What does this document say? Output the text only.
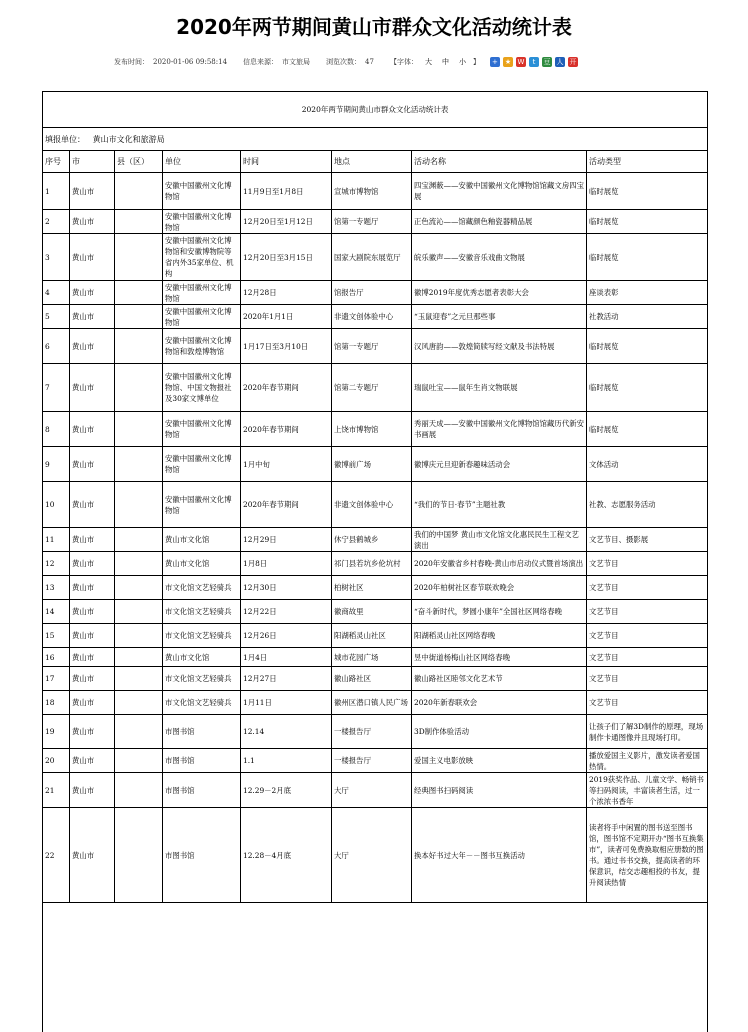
2020年两节期间黄山市群众文化活动统计表
发布时间： 2020-01-06 09:58:14 信息来源： 市文旅局 浏览次数： 47 【字体： 大 中 小 】 + ★ W	t	豆 人 开
2020年两节期间黄山市群众文化活动统计表							
填报单位： 黄山市文化和旅游局							
序号	市	县（区）	单位	时间	地点	活动名称	活动类型
1	黄山市		安徽中国徽州文化博物馆	11月9日至1月8日	宣城市博物馆	四宝渊薮——安徽中国徽州文化博物馆馆藏文房四宝展	临时展览
2	黄山市		安徽中国徽州文化博物馆	12月20日至1月12日	馆第一专题厅	正色流沁——馆藏颜色釉瓷器精品展	临时展览
3	黄山市		安徽中国徽州文化博物馆和安徽博物院等省内外35家单位、机构	12月20日至3月15日	国家大剧院东展览厅	皖乐徽声——安徽音乐戏曲文物展	临时展览
4	黄山市		安徽中国徽州文化博物馆	12月28日	馆报告厅	徽博2019年度优秀志愿者表彰大会	座谈表彰
5	黄山市		安徽中国徽州文化博物馆	2020年1月1日	非遗文创体验中心	“玉鼠迎春”之元旦那些事	社教活动
6	黄山市		安徽中国徽州文化博物馆和敦煌博物馆	1月17日至3月10日	馆第一专题厅	汉风唐韵——敦煌简牍写经文献及书法特展	临时展览
7	黄山市		安徽中国徽州文化博物馆、中国文物报社及30家文博单位	2020年春节期间	馆第二专题厅	瑞鼠吐宝——鼠年生肖文物联展	临时展览
8	黄山市		安徽中国徽州文化博物馆	2020年春节期间	上饶市博物馆	秀丽天成——安徽中国徽州文化博物馆馆藏历代新安书画展	临时展览
9	黄山市		安徽中国徽州文化博物馆	1月中旬	徽博前广场	徽博庆元旦迎新春趣味活动会	文体活动
10	黄山市		安徽中国徽州文化博物馆	2020年春节期间	非遗文创体验中心	“我们的节日·春节”主题社教	社教、志愿服务活动
11	黄山市		黄山市文化馆	12月29日	休宁县鹤城乡	我们的中国梦 黄山市文化馆文化惠民民生工程文艺演出	文艺节目、摄影展
12	黄山市		黄山市文化馆	1月8日	祁门县若坑乡伦坑村	2020年安徽省乡村春晚-黄山市启动仪式暨首场演出	文艺节目
13	黄山市		市文化馆文艺轻骑兵	12月30日	柏树社区	2020年柏树社区春节联欢晚会	文艺节目
14	黄山市		市文化馆文艺轻骑兵	12月22日	徽商故里	“奋斗新时代，梦圆小康年”全国社区网络春晚	文艺节目
15	黄山市		市文化馆文艺轻骑兵	12月26日	阳湖稻灵山社区	阳湖稻灵山社区网络春晚	文艺节目
16	黄山市		黄山市文化馆	1月4日	城市花园广场	昱中街道杨梅山社区网络春晚	文艺节目
17	黄山市		市文化馆文艺轻骑兵	12月27日	徽山路社区	徽山路社区睦邻文化艺术节	文艺节目
18	黄山市		市文化馆文艺轻骑兵	1月11日	徽州区潜口镇人民广场	2020年新春联欢会	文艺节目
19	黄山市		市图书馆	12.14	一楼报告厅	3D制作体验活动	让孩子们了解3D制作的原理，现场制作卡通图像并且现场打印。
20	黄山市		市图书馆	1.1	一楼报告厅	爱国主义电影放映	播放爱国主义影片，激发读者爱国热情。
21	黄山市		市图书馆	12.29－2月底	大厅	经典图书扫码阅读	2019获奖作品、儿童文学、畅销书等扫码阅读，丰富读者生活，过一个浓浓书香年
22	黄山市		市图书馆	12.28－4月底	大厅	换本好书过大年－－图书互换活动	读者将手中闲置的图书送至图书馆，图书馆不定期开办“图书互换集市”，读者可免费换取相应册数的图书。通过书书交换，提高读者的环保意识，结交志趣相投的书友，提升阅读热情
